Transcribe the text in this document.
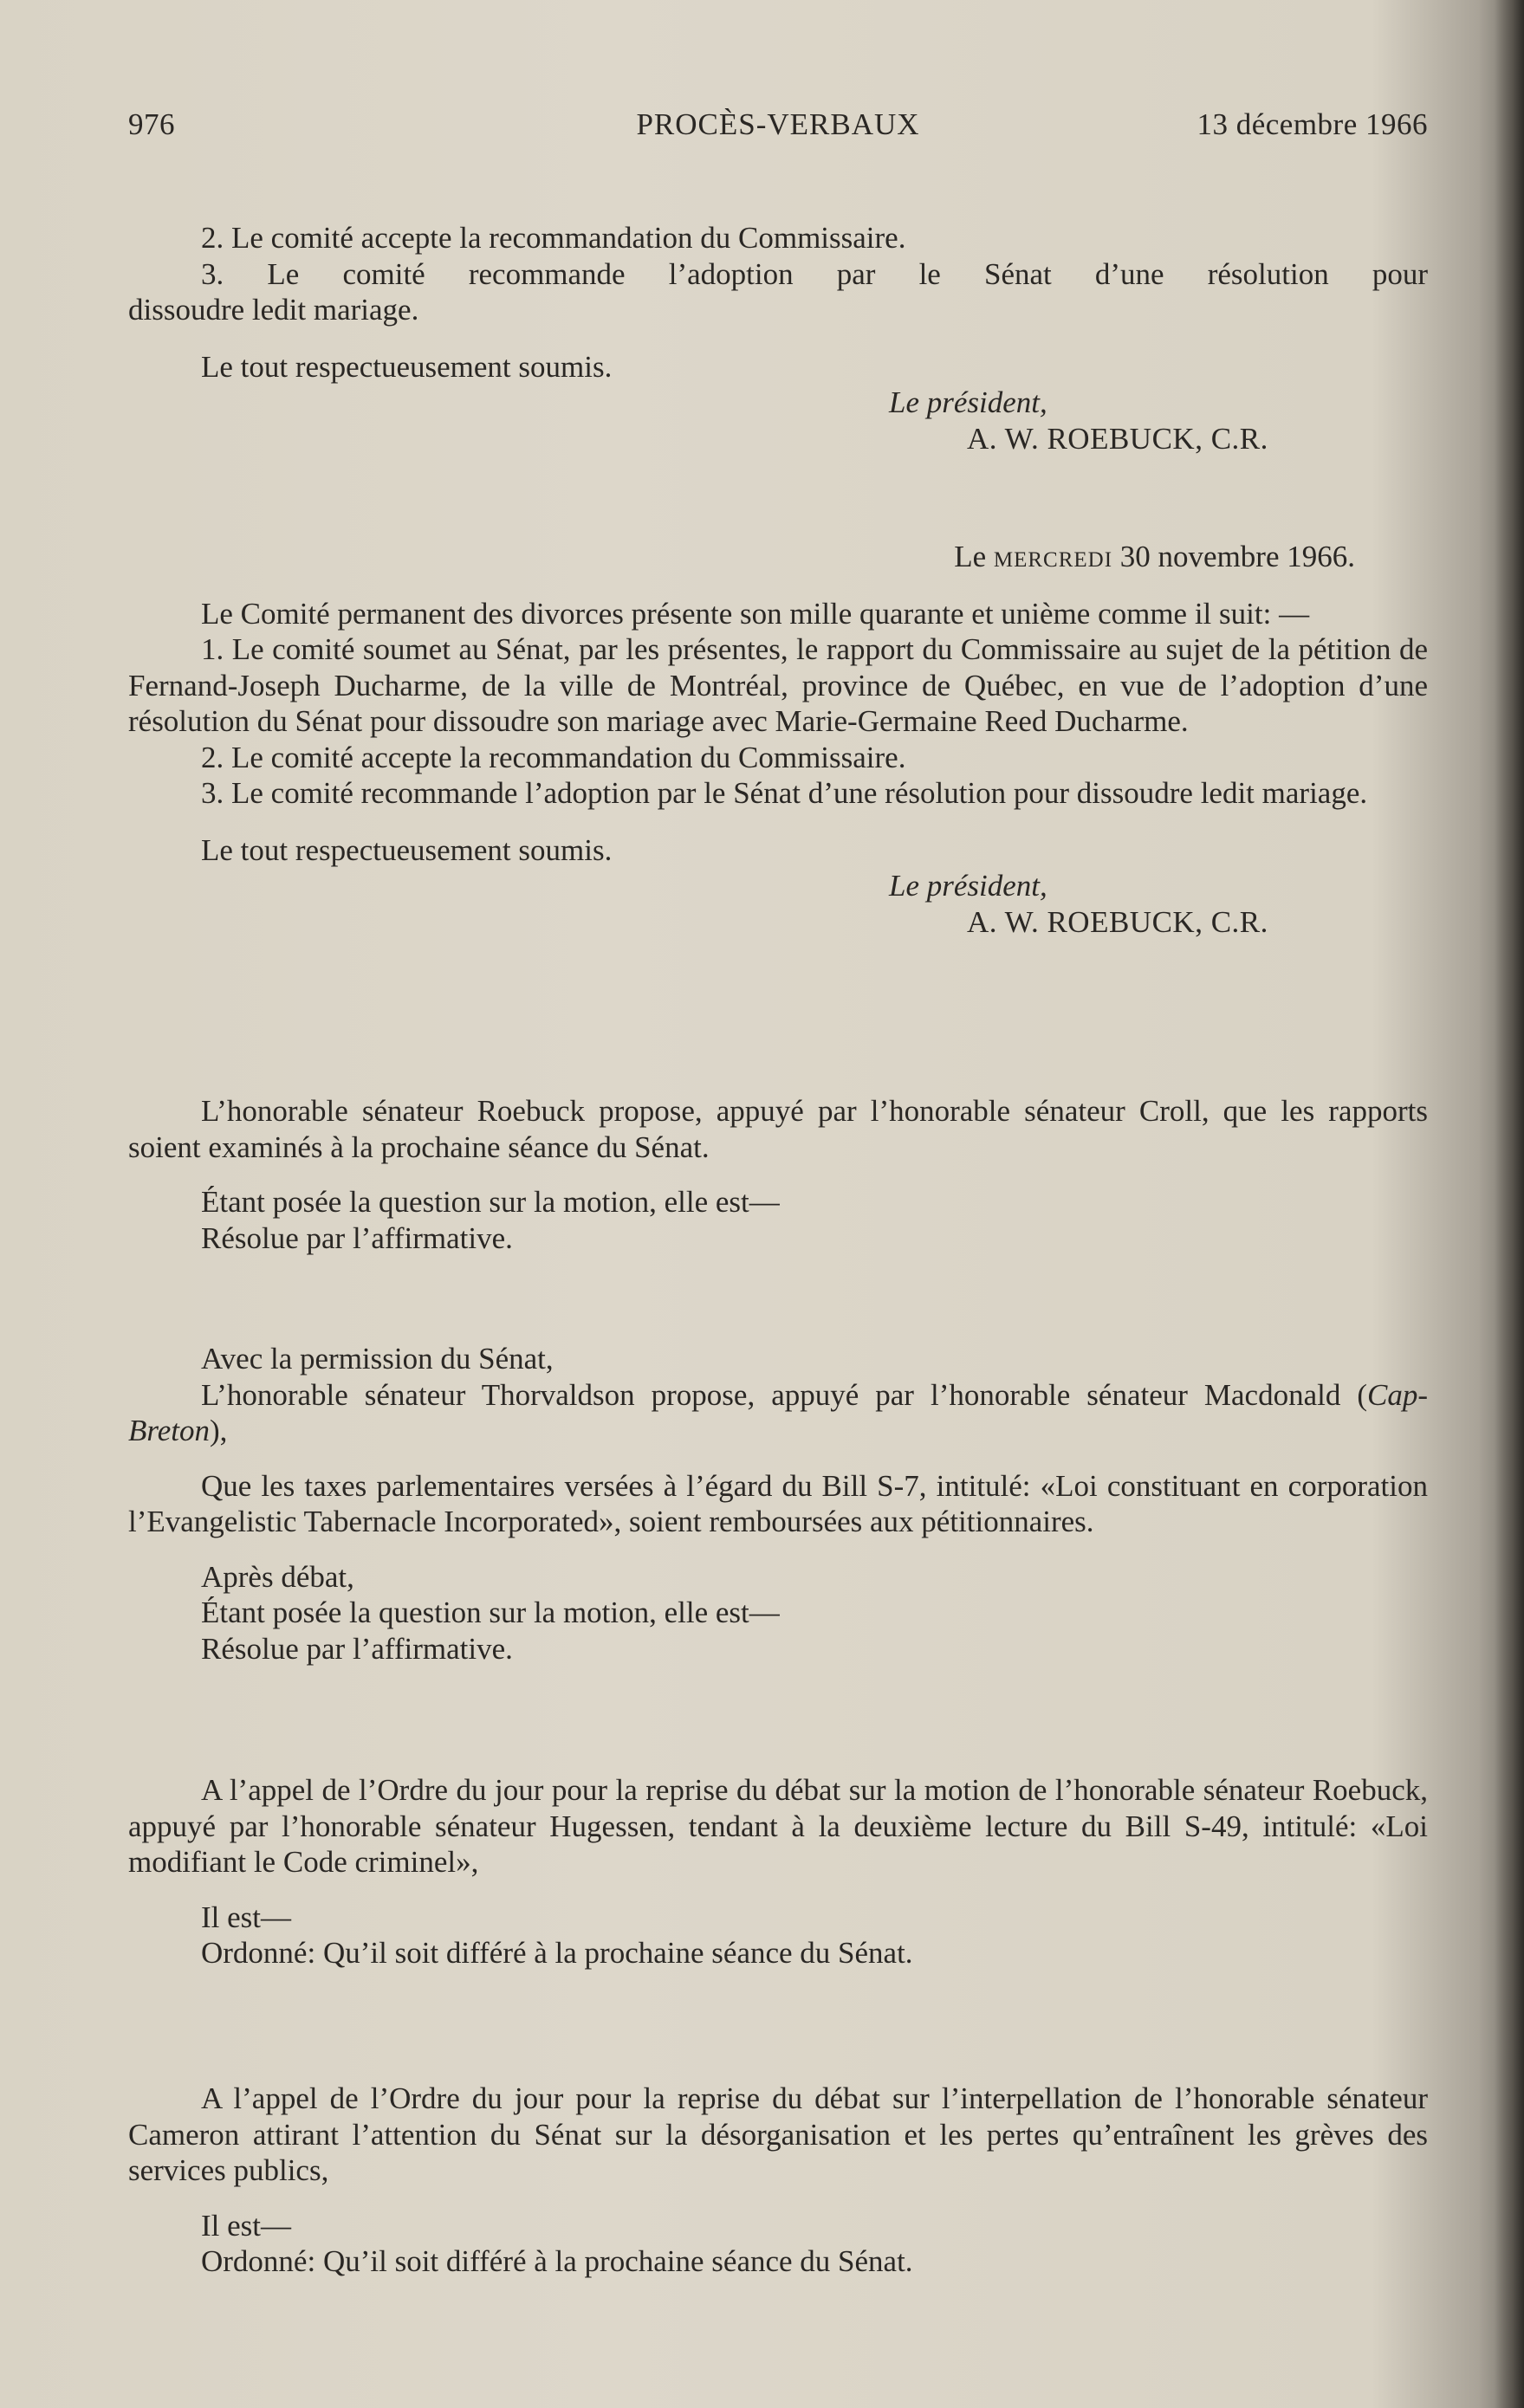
976	PROCÈS-VERBAUX	13 décembre 1966

2. Le comité accepte la recommandation du Commissaire.

3. Le comité recommande l’adoption par le Sénat d’une résolution pour

dissoudre ledit mariage.

Le tout respectueusement soumis.

Le président,

A. W. ROEBUCK, C.R.

Le mercredi 30 novembre 1966.

Le Comité permanent des divorces présente son mille quarante et unième comme il suit: —

1. Le comité soumet au Sénat, par les présentes, le rapport du Commissaire au sujet de la pétition de Fernand-Joseph Ducharme, de la ville de Montréal, province de Québec, en vue de l’adoption d’une résolution du Sénat pour dissoudre son mariage avec Marie-Germaine Reed Ducharme.

2. Le comité accepte la recommandation du Commissaire.

3. Le comité recommande l’adoption par le Sénat d’une résolution pour dissoudre ledit mariage.

Le tout respectueusement soumis.

Le président,

A. W. ROEBUCK, C.R.

L’honorable sénateur Roebuck propose, appuyé par l’honorable sénateur Croll, que les rapports soient examinés à la prochaine séance du Sénat.

Étant posée la question sur la motion, elle est—

Résolue par l’affirmative.

Avec la permission du Sénat,

L’honorable sénateur Thorvaldson propose, appuyé par l’honorable sénateur Macdonald (Cap-Breton),

Que les taxes parlementaires versées à l’égard du Bill S-7, intitulé: «Loi constituant en corporation l’Evangelistic Tabernacle Incorporated», soient remboursées aux pétitionnaires.

Après débat,

Étant posée la question sur la motion, elle est—

Résolue par l’affirmative.

A l’appel de l’Ordre du jour pour la reprise du débat sur la motion de l’honorable sénateur Roebuck, appuyé par l’honorable sénateur Hugessen, tendant à la deuxième lecture du Bill S-49, intitulé: «Loi modifiant le Code criminel»,

Il est—

Ordonné: Qu’il soit différé à la prochaine séance du Sénat.

A l’appel de l’Ordre du jour pour la reprise du débat sur l’interpellation de l’honorable sénateur Cameron attirant l’attention du Sénat sur la désorganisation et les pertes qu’entraînent les grèves des services publics,

Il est—

Ordonné: Qu’il soit différé à la prochaine séance du Sénat.
